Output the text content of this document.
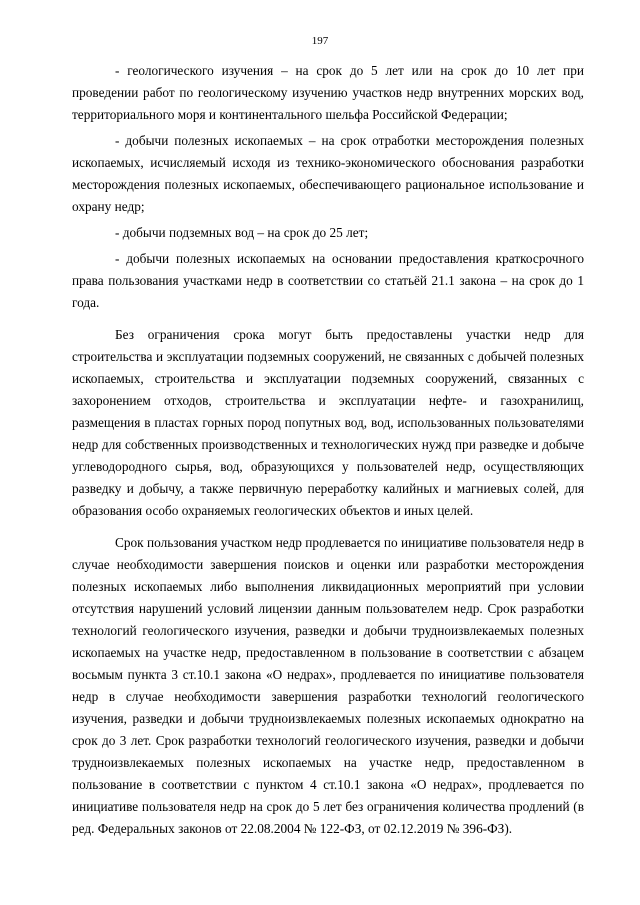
197

- геологического изучения – на срок до 5 лет или на срок до 10 лет при проведении работ по геологическому изучению участков недр внутренних морских вод, территориального моря и континентального шельфа Российской Федерации;

- добычи полезных ископаемых – на срок отработки месторождения полезных ископаемых, исчисляемый исходя из технико-экономического обоснования разработки месторождения полезных ископаемых, обеспечивающего рациональное использование и охрану недр;

- добычи подземных вод – на срок до 25 лет;

- добычи полезных ископаемых на основании предоставления краткосрочного права пользования участками недр в соответствии со статьёй 21.1 закона – на срок до 1 года.

Без ограничения срока могут быть предоставлены участки недр для строительства и эксплуатации подземных сооружений, не связанных с добычей полезных ископаемых, строительства и эксплуатации подземных сооружений, связанных с захоронением отходов, строительства и эксплуатации нефте- и газохранилищ, размещения в пластах горных пород попутных вод, вод, использованных пользователями недр для собственных производственных и технологических нужд при разведке и добыче углеводородного сырья, вод, образующихся у пользователей недр, осуществляющих разведку и добычу, а также первичную переработку калийных и магниевых солей, для образования особо охраняемых геологических объектов и иных целей.

Срок пользования участком недр продлевается по инициативе пользователя недр в случае необходимости завершения поисков и оценки или разработки месторождения полезных ископаемых либо выполнения ликвидационных мероприятий при условии отсутствия нарушений условий лицензии данным пользователем недр. Срок разработки технологий геологического изучения, разведки и добычи трудноизвлекаемых полезных ископаемых на участке недр, предоставленном в пользование в соответствии с абзацем восьмым пункта 3 ст.10.1 закона «О недрах», продлевается по инициативе пользователя недр в случае необходимости завершения разработки технологий геологического изучения, разведки и добычи трудноизвлекаемых полезных ископаемых однократно на срок до 3 лет. Срок разработки технологий геологического изучения, разведки и добычи трудноизвлекаемых полезных ископаемых на участке недр, предоставленном в пользование в соответствии с пунктом 4 ст.10.1 закона «О недрах», продлевается по инициативе пользователя недр на срок до 5 лет без ограничения количества продлений (в ред. Федеральных законов от 22.08.2004 № 122-ФЗ, от 02.12.2019 № 396-ФЗ).
